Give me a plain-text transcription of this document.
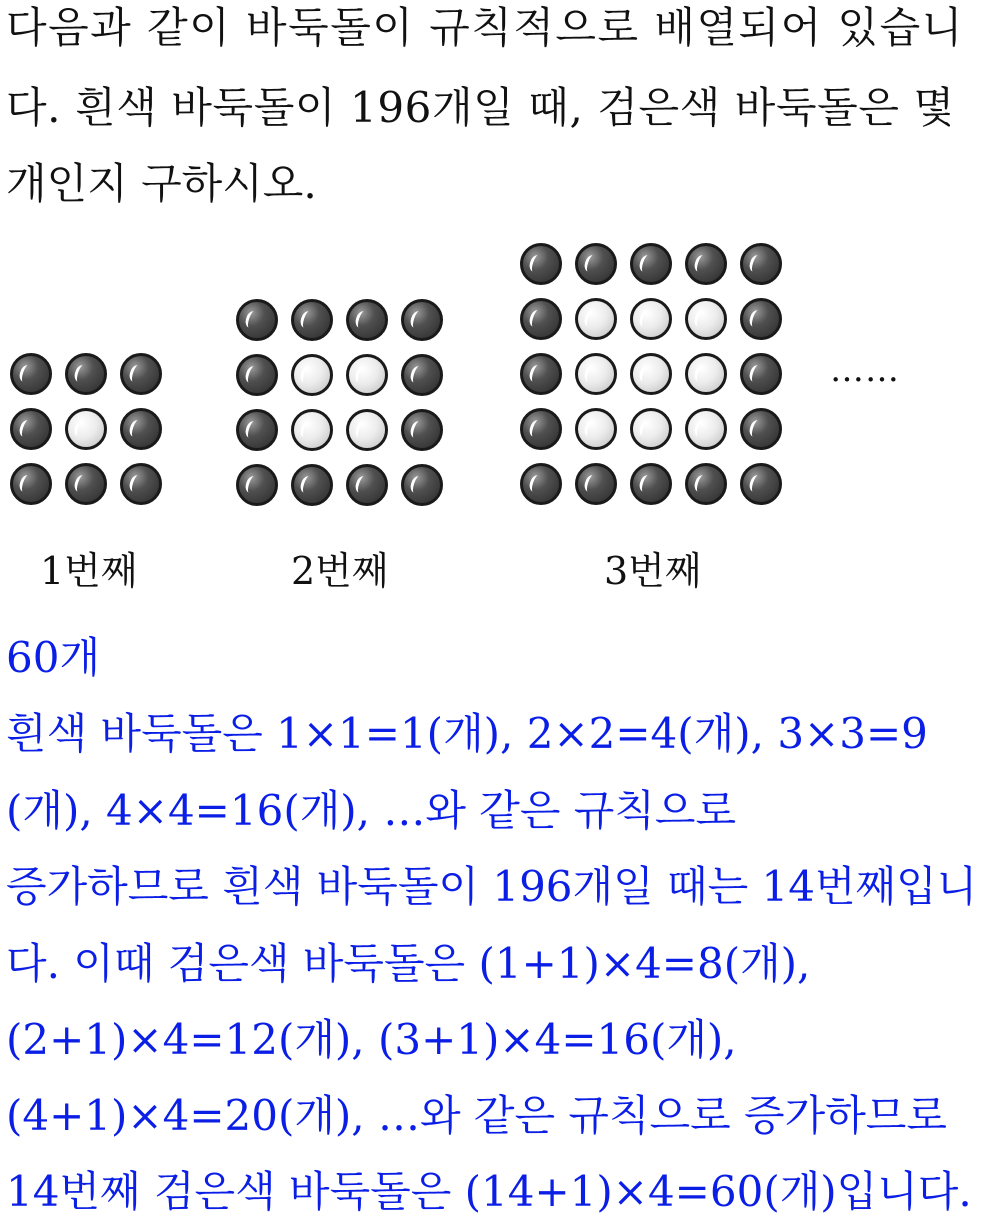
다음과 같이 바둑돌이 규칙적으로 배열되어 있습니
다. 흰색 바둑돌이 196개일 때, 검은색 바둑돌은 몇
개인지 구하시오.
1번째	2번째	3번째
……
60개
흰색 바둑돌은 1×1=1(개), 2×2=4(개), 3×3=9
(개), 4×4=16(개), …와 같은 규칙으로
증가하므로 흰색 바둑돌이 196개일 때는 14번째입니
다. 이때 검은색 바둑돌은 (1+1)×4=8(개),
(2+1)×4=12(개), (3+1)×4=16(개),
(4+1)×4=20(개), …와 같은 규칙으로 증가하므로
14번째 검은색 바둑돌은 (14+1)×4=60(개)입니다.
